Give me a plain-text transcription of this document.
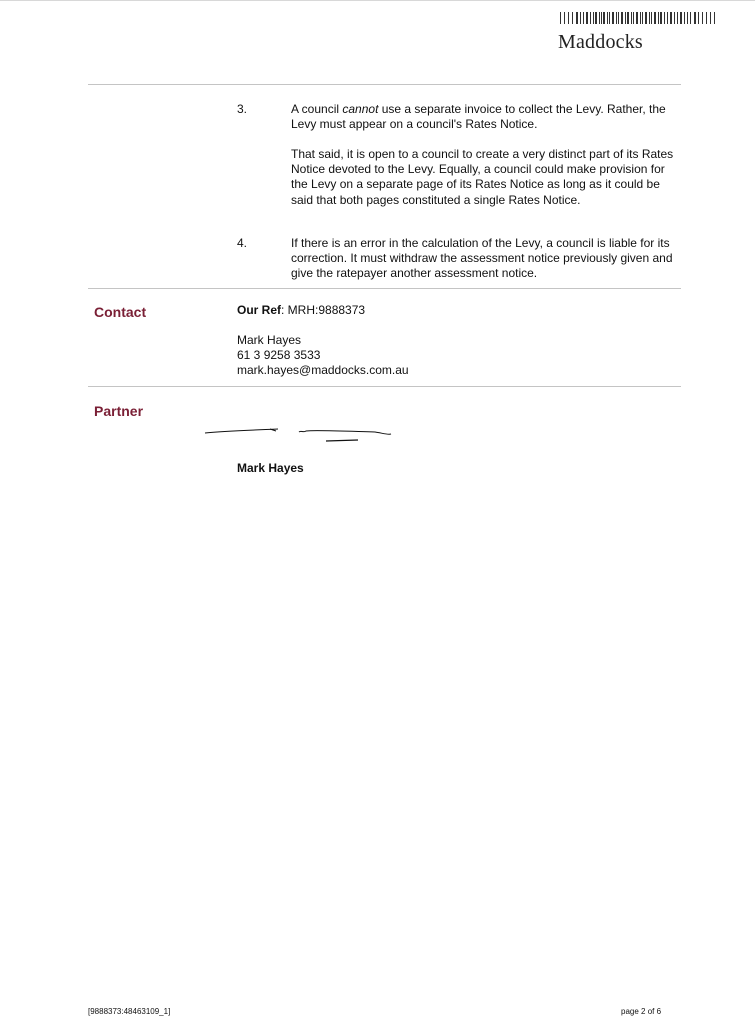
Maddocks
3.	A council cannot use a separate invoice to collect the Levy. Rather, the Levy must appear on a council's Rates Notice.
That said, it is open to a council to create a very distinct part of its Rates Notice devoted to the Levy. Equally, a council could make provision for the Levy on a separate page of its Rates Notice as long as it could be said that both pages constituted a single Rates Notice.
4.	If there is an error in the calculation of the Levy, a council is liable for its correction. It must withdraw the assessment notice previously given and give the ratepayer another assessment notice.
Contact	Our Ref: MRH:9888373
Mark Hayes
61 3 9258 3533
mark.hayes@maddocks.com.au
Partner
Mark Hayes
[9888373:48463109_1]	page 2 of 6
